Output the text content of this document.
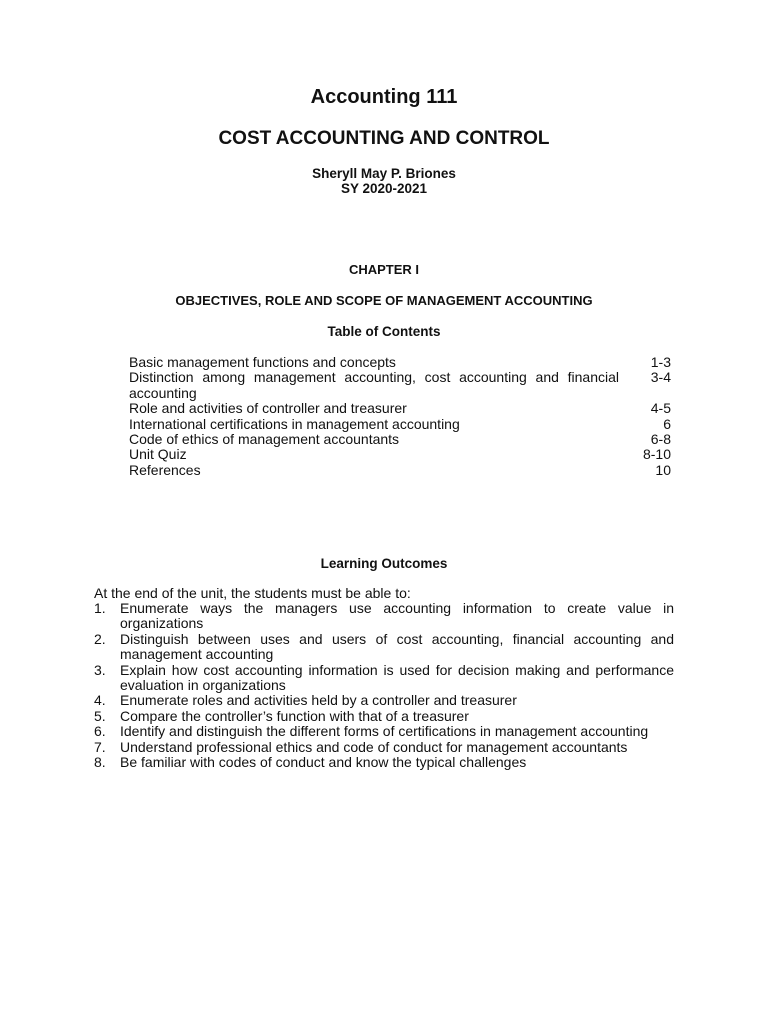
Accounting 111
COST ACCOUNTING AND CONTROL
Sheryll May P. Briones
SY 2020-2021
CHAPTER I
OBJECTIVES, ROLE AND SCOPE OF MANAGEMENT ACCOUNTING
Table of Contents
Basic management functions and concepts	1-3
Distinction among management accounting, cost accounting and financial accounting
3-4
Role and activities of controller and treasurer	4-5
International certifications in management accounting	6
Code of ethics of management accountants	6-8
Unit Quiz	8-10
References	10
Learning Outcomes
At the end of the unit, the students must be able to:
1.	Enumerate ways the managers use accounting information to create value in organizations
2.	Distinguish between uses and users of cost accounting, financial accounting and management accounting
3.	Explain how cost accounting information is used for decision making and performance evaluation in organizations
4.	Enumerate roles and activities held by a controller and treasurer
5.	Compare the controller’s function with that of a treasurer
6.	Identify and distinguish the different forms of certifications in management accounting
7.	Understand professional ethics and code of conduct for management accountants
8.	Be familiar with codes of conduct and know the typical challenges
